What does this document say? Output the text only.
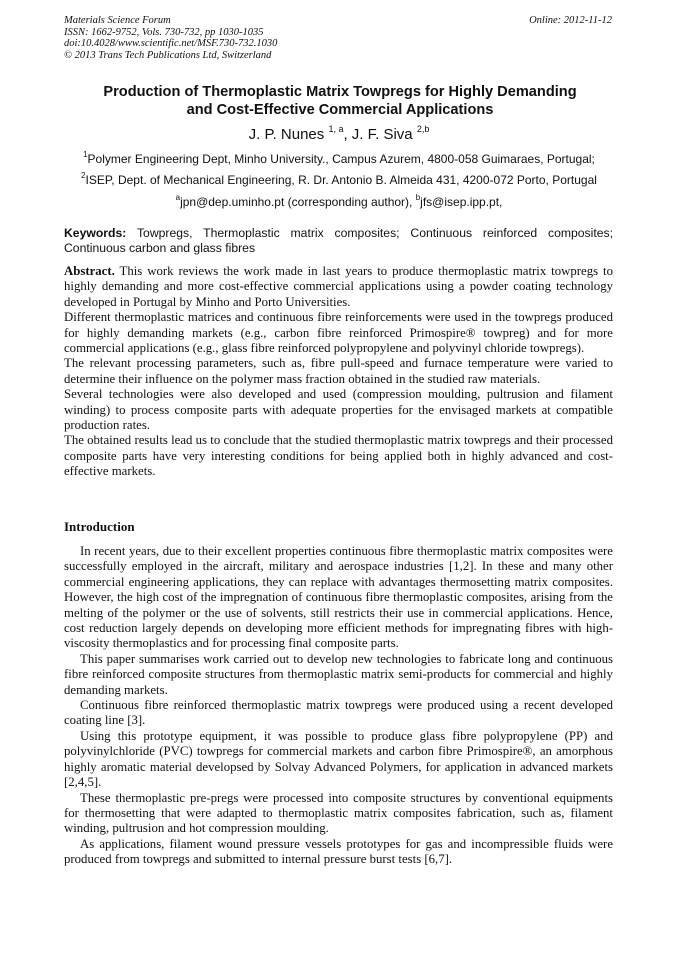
Materials Science Forum
ISSN: 1662-9752, Vols. 730-732, pp 1030-1035
doi:10.4028/www.scientific.net/MSF.730-732.1030
© 2013 Trans Tech Publications Ltd, Switzerland
Online: 2012-11-12
Production of Thermoplastic Matrix Towpregs for Highly Demanding
and Cost-Effective Commercial Applications
J. P. Nunes $^{1, a}$, J. F. Siva $^{2,b}$
$^1$Polymer Engineering Dept, Minho University., Campus Azurem, 4800-058 Guimaraes, Portugal;
$^2$ISEP, Dept. of Mechanical Engineering, R. Dr. Antonio B. Almeida 431, 4200-072 Porto, Portugal
$^a$jpn@dep.uminho.pt (corresponding author), $^b$jfs@isep.ipp.pt,
Keywords: Towpregs, Thermoplastic matrix composites; Continuous reinforced composites; Continuous carbon and glass fibres

Abstract. This work reviews the work made in last years to produce thermoplastic matrix towpregs to highly demanding and more cost-effective commercial applications using a powder coating technology developed in Portugal by Minho and Porto Universities.

Different thermoplastic matrices and continuous fibre reinforcements were used in the towpregs produced for highly demanding markets (e.g., carbon fibre reinforced Primospire® towpreg) and for more commercial applications (e.g., glass fibre reinforced polypropylene and polyvinyl chloride towpregs).

The relevant processing parameters, such as, fibre pull-speed and furnace temperature were varied to determine their influence on the polymer mass fraction obtained in the studied raw materials.

Several technologies were also developed and used (compression moulding, pultrusion and filament winding) to process composite parts with adequate properties for the envisaged markets at compatible production rates.

The obtained results lead us to conclude that the studied thermoplastic matrix towpregs and their processed composite parts have very interesting conditions for being applied both in highly advanced and cost-effective markets.

Introduction

In recent years, due to their excellent properties continuous fibre thermoplastic matrix composites were successfully employed in the aircraft, military and aerospace industries [1,2]. In these and many other commercial engineering applications, they can replace with advantages thermosetting matrix composites. However, the high cost of the impregnation of continuous fibre thermoplastic composites, arising from the melting of the polymer or the use of solvents, still restricts their use in commercial applications. Hence, cost reduction largely depends on developing more efficient methods for impregnating fibres with high-viscosity thermoplastics and for processing final composite parts.

This paper summarises work carried out to develop new technologies to fabricate long and continuous fibre reinforced composite structures from thermoplastic matrix semi-products for commercial and highly demanding markets.

Continuous fibre reinforced thermoplastic matrix towpregs were produced using a recent developed coating line [3].

Using this prototype equipment, it was possible to produce glass fibre polypropylene (PP) and polyvinylchloride (PVC) towpregs for commercial markets and carbon fibre Primospire®, an amorphous highly aromatic material developsed by Solvay Advanced Polymers, for application in advanced markets [2,4,5].

These thermoplastic pre-pregs were processed into composite structures by conventional equipments for thermosetting that were adapted to thermoplastic matrix composites fabrication, such as, filament winding, pultrusion and hot compression moulding.

As applications, filament wound pressure vessels prototypes for gas and incompressible fluids were produced from towpregs and submitted to internal pressure burst tests [6,7].
